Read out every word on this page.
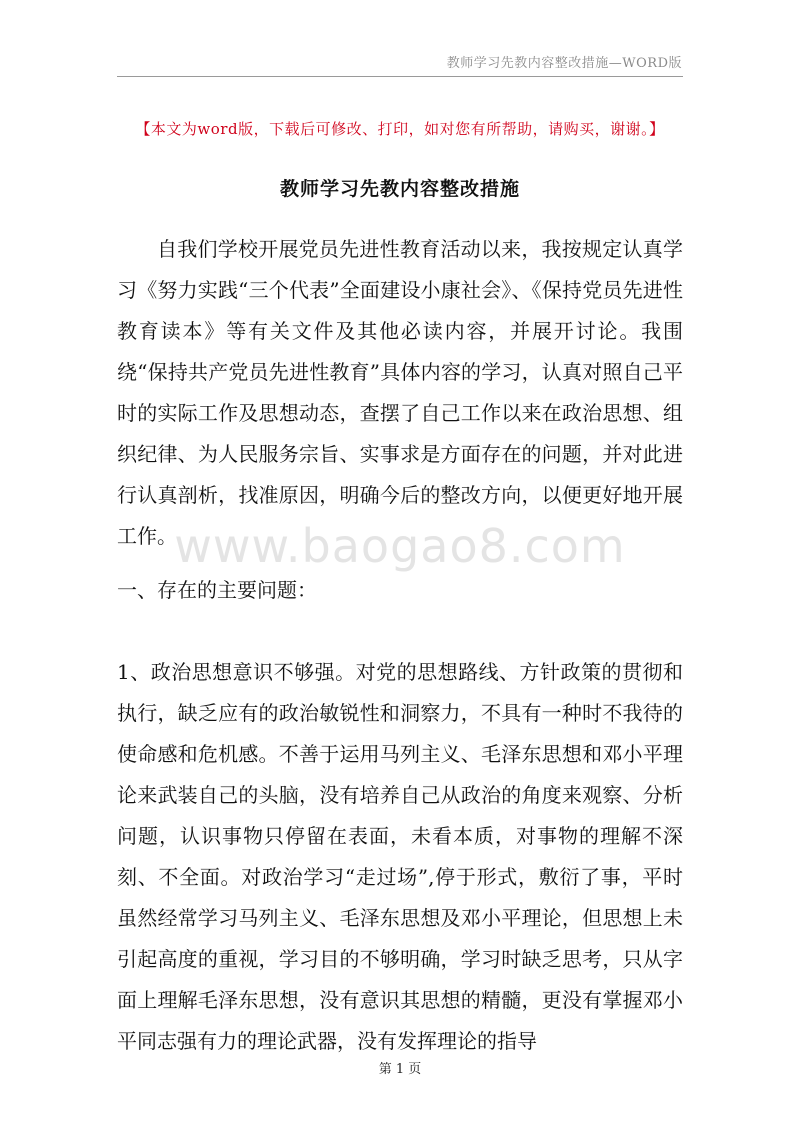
教师学习先教内容整改措施—WORD版
【本文为word版，下载后可修改、打印，如对您有所帮助，请购买，谢谢。】
教师学习先教内容整改措施
自我们学校开展党员先进性教育活动以来，我按规定认真学习《努力实践“三个代表”全面建设小康社会》、《保持党员先进性教育读本》等有关文件及其他必读内容，并展开讨论。我围绕“保持共产党员先进性教育”具体内容的学习，认真对照自己平时的实际工作及思想动态，查摆了自己工作以来在政治思想、组织纪律、为人民服务宗旨、实事求是方面存在的问题，并对此进行认真剖析，找准原因，明确今后的整改方向，以便更好地开展工作。
www.baogao8.com
一、存在的主要问题：
1、政治思想意识不够强。对党的思想路线、方针政策的贯彻和执行，缺乏应有的政治敏锐性和洞察力，不具有一种时不我待的使命感和危机感。不善于运用马列主义、毛泽东思想和邓小平理论来武装自己的头脑，没有培养自己从政治的角度来观察、分析问题，认识事物只停留在表面，未看本质，对事物的理解不深刻、不全面。对政治学习“走过场”,停于形式，敷衍了事，平时虽然经常学习马列主义、毛泽东思想及邓小平理论，但思想上未引起高度的重视，学习目的不够明确，学习时缺乏思考，只从字面上理解毛泽东思想，没有意识其思想的精髓，更没有掌握邓小平同志强有力的理论武器，没有发挥理论的指导
第 1 页
